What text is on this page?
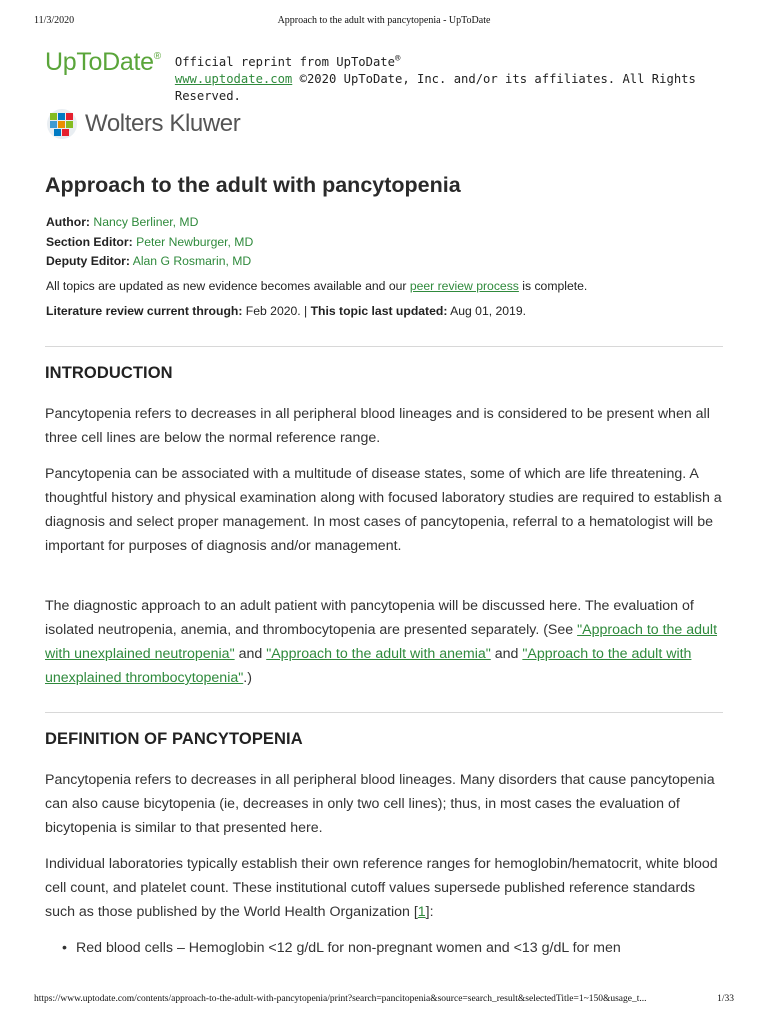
11/3/2020	Approach to the adult with pancytopenia - UpToDate
UpToDate® Official reprint from UpToDate®
www.uptodate.com ©2020 UpToDate, Inc. and/or its affiliates. All Rights Reserved.
Wolters Kluwer
Approach to the adult with pancytopenia
Author: Nancy Berliner, MD
Section Editor: Peter Newburger, MD
Deputy Editor: Alan G Rosmarin, MD
All topics are updated as new evidence becomes available and our peer review process is complete.
Literature review current through: Feb 2020. | This topic last updated: Aug 01, 2019.
INTRODUCTION

Pancytopenia refers to decreases in all peripheral blood lineages and is considered to be present when all three cell lines are below the normal reference range.

Pancytopenia can be associated with a multitude of disease states, some of which are life threatening. A thoughtful history and physical examination along with focused laboratory studies are required to establish a diagnosis and select proper management. In most cases of pancytopenia, referral to a hematologist will be important for purposes of diagnosis and/or management.

The diagnostic approach to an adult patient with pancytopenia will be discussed here. The evaluation of isolated neutropenia, anemia, and thrombocytopenia are presented separately. (See "Approach to the adult with unexplained neutropenia" and "Approach to the adult with anemia" and "Approach to the adult with unexplained thrombocytopenia".)

DEFINITION OF PANCYTOPENIA

Pancytopenia refers to decreases in all peripheral blood lineages. Many disorders that cause pancytopenia can also cause bicytopenia (ie, decreases in only two cell lines); thus, in most cases the evaluation of bicytopenia is similar to that presented here.

Individual laboratories typically establish their own reference ranges for hemoglobin/hematocrit, white blood cell count, and platelet count. These institutional cutoff values supersede published reference standards such as those published by the World Health Organization [1]:

• Red blood cells – Hemoglobin <12 g/dL for non-pregnant women and <13 g/dL for men

https://www.uptodate.com/contents/approach-to-the-adult-with-pancytopenia/print?search=pancitopenia&source=search_result&selectedTitle=1~150&usage_t...	1/33
